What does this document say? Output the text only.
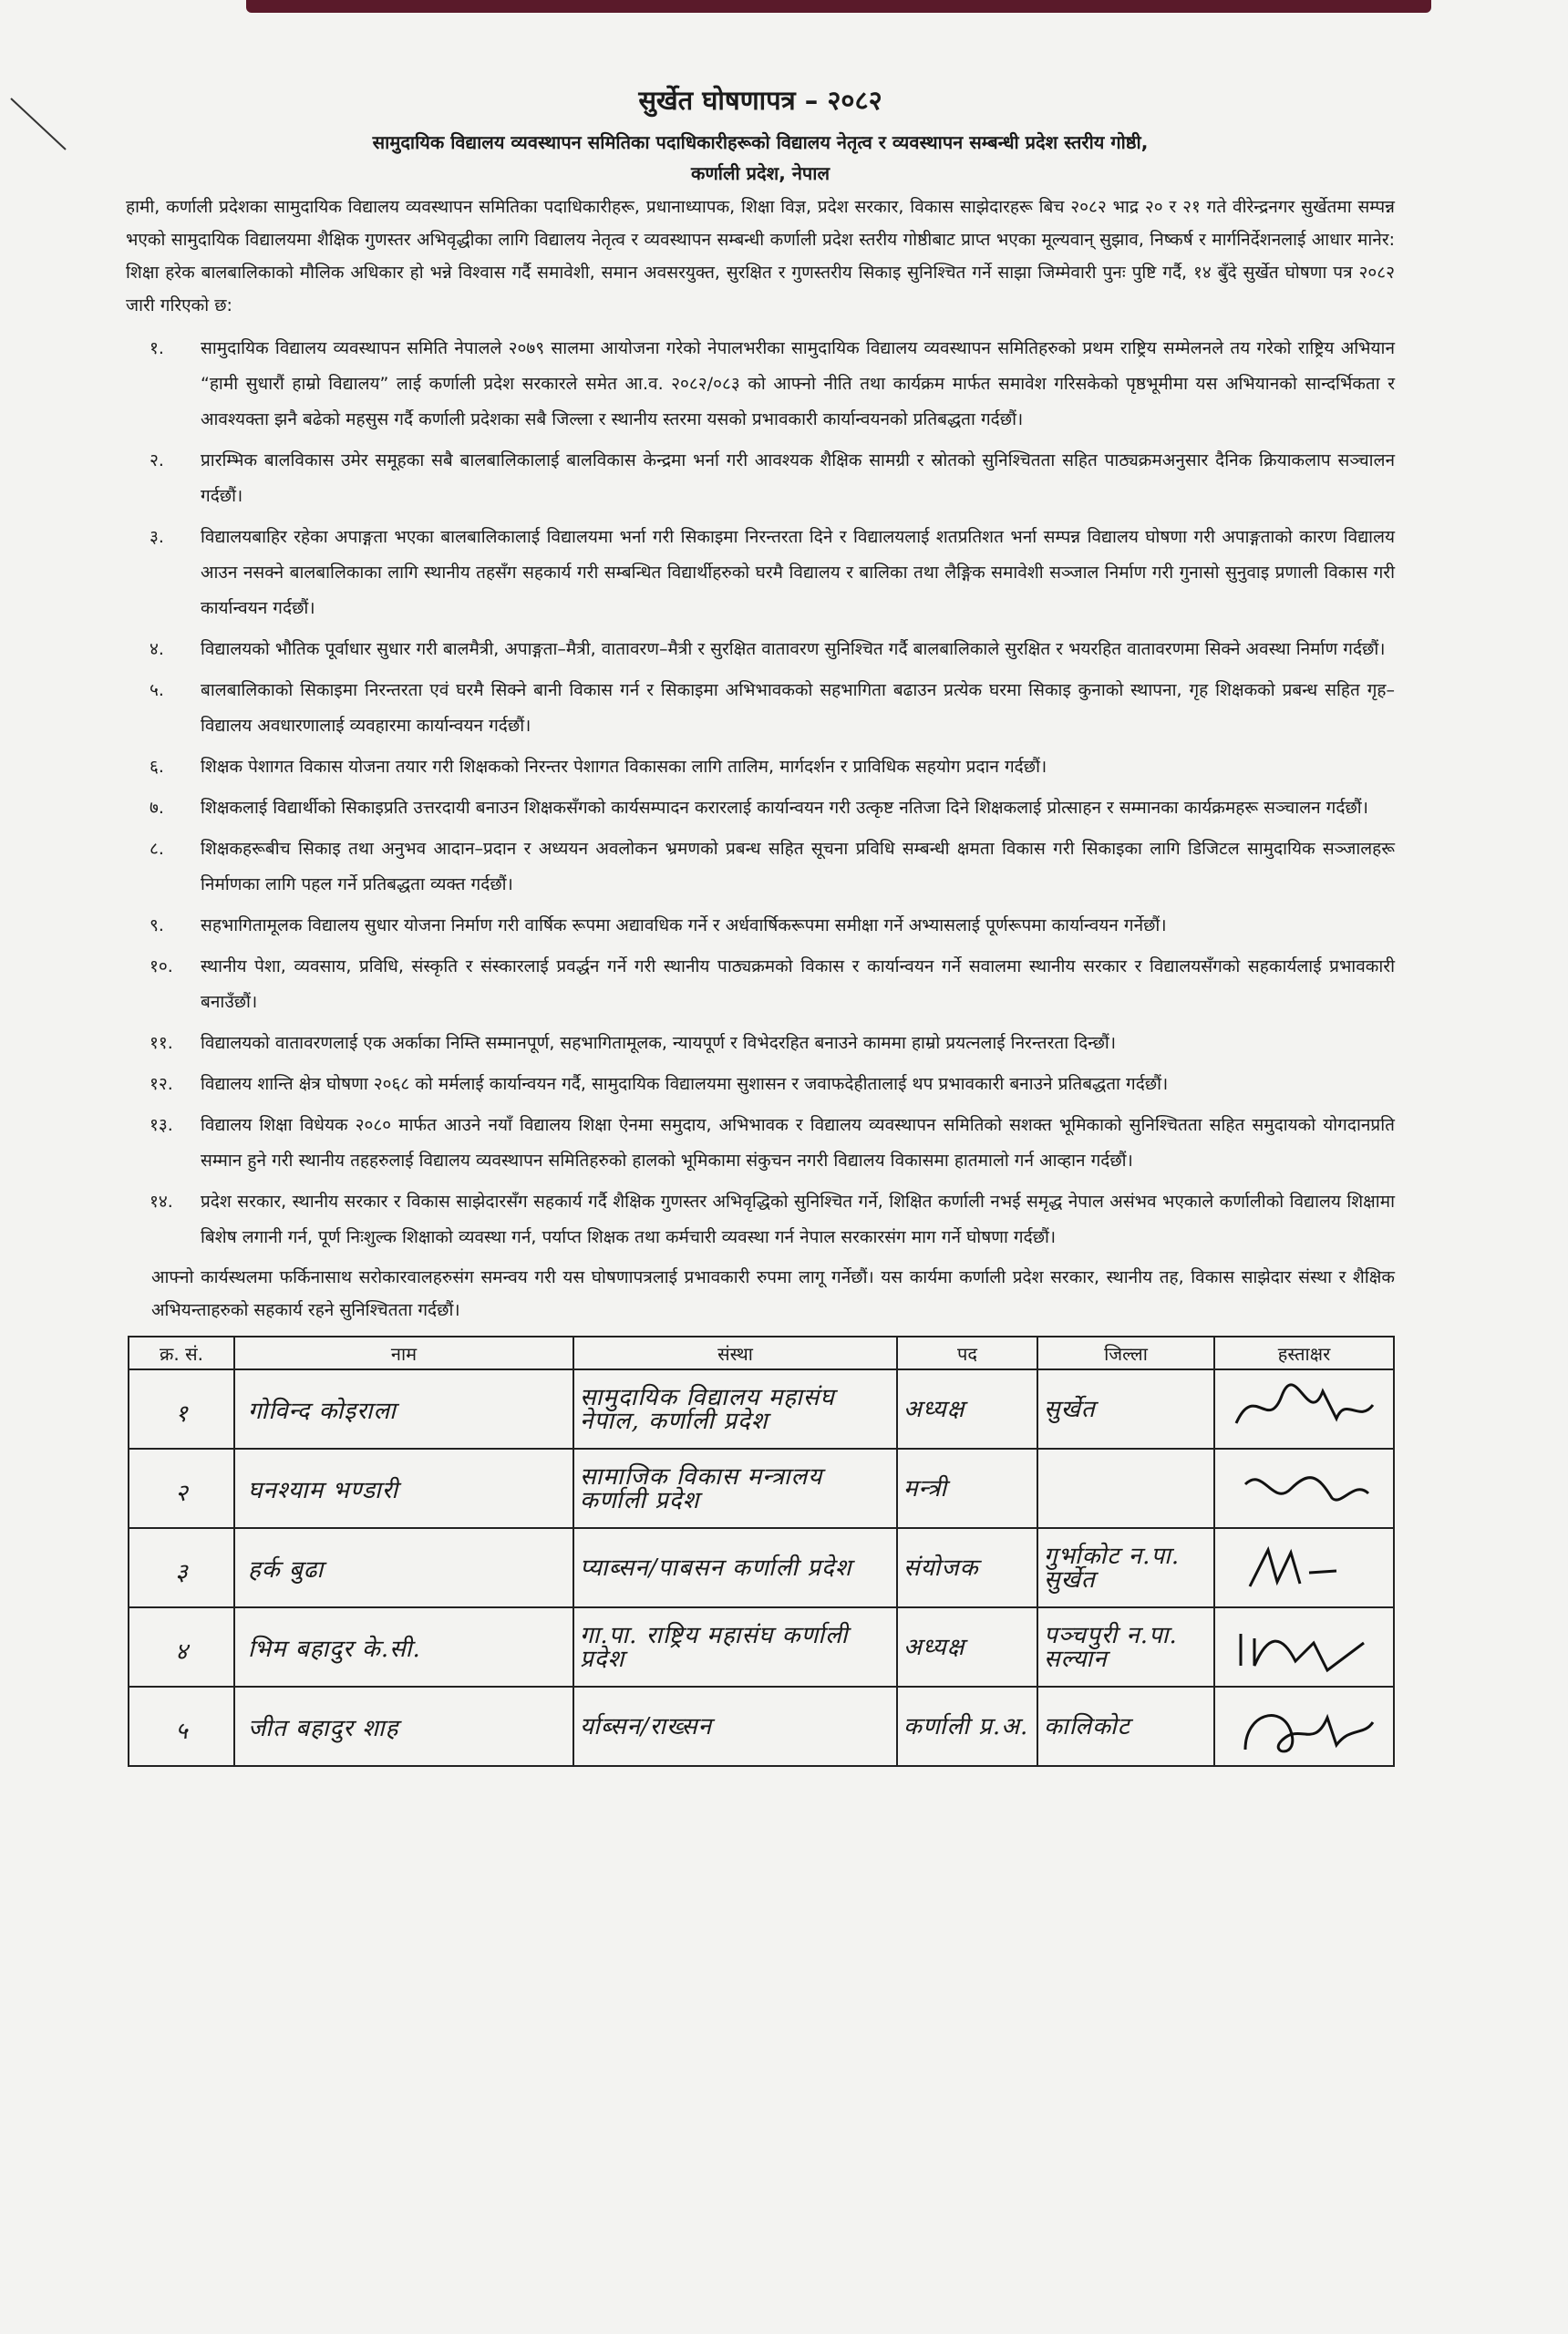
सुर्खेत घोषणापत्र – २०८२
सामुदायिक विद्यालय व्यवस्थापन समितिका पदाधिकारीहरूको विद्यालय नेतृत्व र व्यवस्थापन सम्बन्धी प्रदेश स्तरीय गोष्ठी,
कर्णाली प्रदेश, नेपाल

हामी, कर्णाली प्रदेशका सामुदायिक विद्यालय व्यवस्थापन समितिका पदाधिकारीहरू, प्रधानाध्यापक, शिक्षा विज्ञ, प्रदेश सरकार, विकास साझेदारहरू बिच २०८२ भाद्र २० र २१ गते वीरेन्द्रनगर सुर्खेतमा सम्पन्न भएको सामुदायिक विद्यालयमा शैक्षिक गुणस्तर अभिवृद्धीका लागि विद्यालय नेतृत्व र व्यवस्थापन सम्बन्धी कर्णाली प्रदेश स्तरीय गोष्ठीबाट प्राप्त भएका मूल्यवान् सुझाव, निष्कर्ष र मार्गनिर्देशनलाई आधार मानेर: शिक्षा हरेक बालबालिकाको मौलिक अधिकार हो भन्ने विश्वास गर्दै समावेशी, समान अवसरयुक्त, सुरक्षित र गुणस्तरीय सिकाइ सुनिश्चित गर्ने साझा जिम्मेवारी पुनः पुष्टि गर्दै, १४ बुँदे सुर्खेत घोषणा पत्र २०८२ जारी गरिएको छ:

१.	सामुदायिक विद्यालय व्यवस्थापन समिति नेपालले २०७९ सालमा आयोजना गरेको नेपालभरीका सामुदायिक विद्यालय व्यवस्थापन समितिहरुको प्रथम राष्ट्रिय सम्मेलनले तय गरेको राष्ट्रिय अभियान “हामी सुधारौं हाम्रो विद्यालय” लाई कर्णाली प्रदेश सरकारले समेत आ.व. २०८२/०८३ को आफ्नो नीति तथा कार्यक्रम मार्फत समावेश गरिसकेको पृष्ठभूमीमा यस अभियानको सान्दर्भिकता र आवश्यक्ता झनै बढेको महसुस गर्दै कर्णाली प्रदेशका सबै जिल्ला र स्थानीय स्तरमा यसको प्रभावकारी कार्यान्वयनको प्रतिबद्धता गर्दछौं।
२.	प्रारम्भिक बालविकास उमेर समूहका सबै बालबालिकालाई बालविकास केन्द्रमा भर्ना गरी आवश्यक शैक्षिक सामग्री र स्रोतको सुनिश्चितता सहित पाठ्यक्रमअनुसार दैनिक क्रियाकलाप सञ्चालन गर्दछौं।
३.	विद्यालयबाहिर रहेका अपाङ्गता भएका बालबालिकालाई विद्यालयमा भर्ना गरी सिकाइमा निरन्तरता दिने र विद्यालयलाई शतप्रतिशत भर्ना सम्पन्न विद्यालय घोषणा गरी अपाङ्गताको कारण विद्यालय आउन नसक्ने बालबालिकाका लागि स्थानीय तहसँग सहकार्य गरी सम्बन्धित विद्यार्थीहरुको घरमै विद्यालय र बालिका तथा लैङ्गिक समावेशी सञ्जाल निर्माण गरी गुनासो सुनुवाइ प्रणाली विकास गरी कार्यान्वयन गर्दछौं।
४.	विद्यालयको भौतिक पूर्वाधार सुधार गरी बालमैत्री, अपाङ्गता–मैत्री, वातावरण–मैत्री र सुरक्षित वातावरण सुनिश्चित गर्दै बालबालिकाले सुरक्षित र भयरहित वातावरणमा सिक्ने अवस्था निर्माण गर्दछौं।
५.	बालबालिकाको सिकाइमा निरन्तरता एवं घरमै सिक्ने बानी विकास गर्न र सिकाइमा अभिभावकको सहभागिता बढाउन प्रत्येक घरमा सिकाइ कुनाको स्थापना, गृह शिक्षकको प्रबन्ध सहित गृह–विद्यालय अवधारणालाई व्यवहारमा कार्यान्वयन गर्दछौं।
६.	शिक्षक पेशागत विकास योजना तयार गरी शिक्षकको निरन्तर पेशागत विकासका लागि तालिम, मार्गदर्शन र प्राविधिक सहयोग प्रदान गर्दछौं।
७.	शिक्षकलाई विद्यार्थीको सिकाइप्रति उत्तरदायी बनाउन शिक्षकसँगको कार्यसम्पादन करारलाई कार्यान्वयन गरी उत्कृष्ट नतिजा दिने शिक्षकलाई प्रोत्साहन र सम्मानका कार्यक्रमहरू सञ्चालन गर्दछौं।
८.	शिक्षकहरूबीच सिकाइ तथा अनुभव आदान–प्रदान र अध्ययन अवलोकन भ्रमणको प्रबन्ध सहित सूचना प्रविधि सम्बन्धी क्षमता विकास गरी सिकाइका लागि डिजिटल सामुदायिक सञ्जालहरू निर्माणका लागि पहल गर्ने प्रतिबद्धता व्यक्त गर्दछौं।
९.	सहभागितामूलक विद्यालय सुधार योजना निर्माण गरी वार्षिक रूपमा अद्यावधिक गर्ने र अर्धवार्षिकरूपमा समीक्षा गर्ने अभ्यासलाई पूर्णरूपमा कार्यान्वयन गर्नेछौं।
१०.	स्थानीय पेशा, व्यवसाय, प्रविधि, संस्कृति र संस्कारलाई प्रवर्द्धन गर्ने गरी स्थानीय पाठ्यक्रमको विकास र कार्यान्वयन गर्ने सवालमा स्थानीय सरकार र विद्यालयसँगको सहकार्यलाई प्रभावकारी बनाउँछौं।
११.	विद्यालयको वातावरणलाई एक अर्काका निम्ति सम्मानपूर्ण, सहभागितामूलक, न्यायपूर्ण र विभेदरहित बनाउने काममा हाम्रो प्रयत्नलाई निरन्तरता दिन्छौं।
१२.	विद्यालय शान्ति क्षेत्र घोषणा २०६८ को मर्मलाई कार्यान्वयन गर्दै, सामुदायिक विद्यालयमा सुशासन र जवाफदेहीतालाई थप प्रभावकारी बनाउने प्रतिबद्धता गर्दछौं।
१३.	विद्यालय शिक्षा विधेयक २०८० मार्फत आउने नयाँ विद्यालय शिक्षा ऐनमा समुदाय, अभिभावक र विद्यालय व्यवस्थापन समितिको सशक्त भूमिकाको सुनिश्चितता सहित समुदायको योगदानप्रति सम्मान हुने गरी स्थानीय तहहरुलाई विद्यालय व्यवस्थापन समितिहरुको हालको भूमिकामा संकुचन नगरी विद्यालय विकासमा हातमालो गर्न आव्हान गर्दछौं।
१४.	प्रदेश सरकार, स्थानीय सरकार र विकास साझेदारसँग सहकार्य गर्दै शैक्षिक गुणस्तर अभिवृद्धिको सुनिश्चित गर्ने, शिक्षित कर्णाली नभई समृद्ध नेपाल असंभव भएकाले कर्णालीको विद्यालय शिक्षामा बिशेष लगानी गर्न, पूर्ण निःशुल्क शिक्षाको व्यवस्था गर्न, पर्याप्त शिक्षक तथा कर्मचारी व्यवस्था गर्न नेपाल सरकारसंग माग गर्ने घोषणा गर्दछौं।

आफ्नो कार्यस्थलमा फर्किनासाथ सरोकारवालहरुसंग समन्वय गरी यस घोषणापत्रलाई प्रभावकारी रुपमा लागू गर्नेछौं। यस कार्यमा कर्णाली प्रदेश सरकार, स्थानीय तह, विकास साझेदार संस्था र शैक्षिक अभियन्ताहरुको सहकार्य रहने सुनिश्चितता गर्दछौं।

क्र. सं.	नाम	संस्था	पद	जिल्ला	हस्ताक्षर
१	गोविन्द कोइराला	सामुदायिक विद्यालय महासंघ नेपाल, कर्णाली प्रदेश	अध्यक्ष	सुर्खेत	

२	घनश्याम भण्डारी	सामाजिक विकास मन्त्रालय कर्णाली प्रदेश	मन्त्री		

३	हर्क बुढा	प्याब्सन/पाबसन कर्णाली प्रदेश	संयोजक	गुर्भाकोट न.पा. सुर्खेत	

४	भिम बहादुर के.सी.	गा.पा. राष्ट्रिय महासंघ कर्णाली प्रदेश	अध्यक्ष	पञ्चपुरी न.पा. सल्यान	

५	जीत बहादुर शाह	र्याब्सन/राख्सन	कर्णाली प्र.अ.	कालिकोट	
